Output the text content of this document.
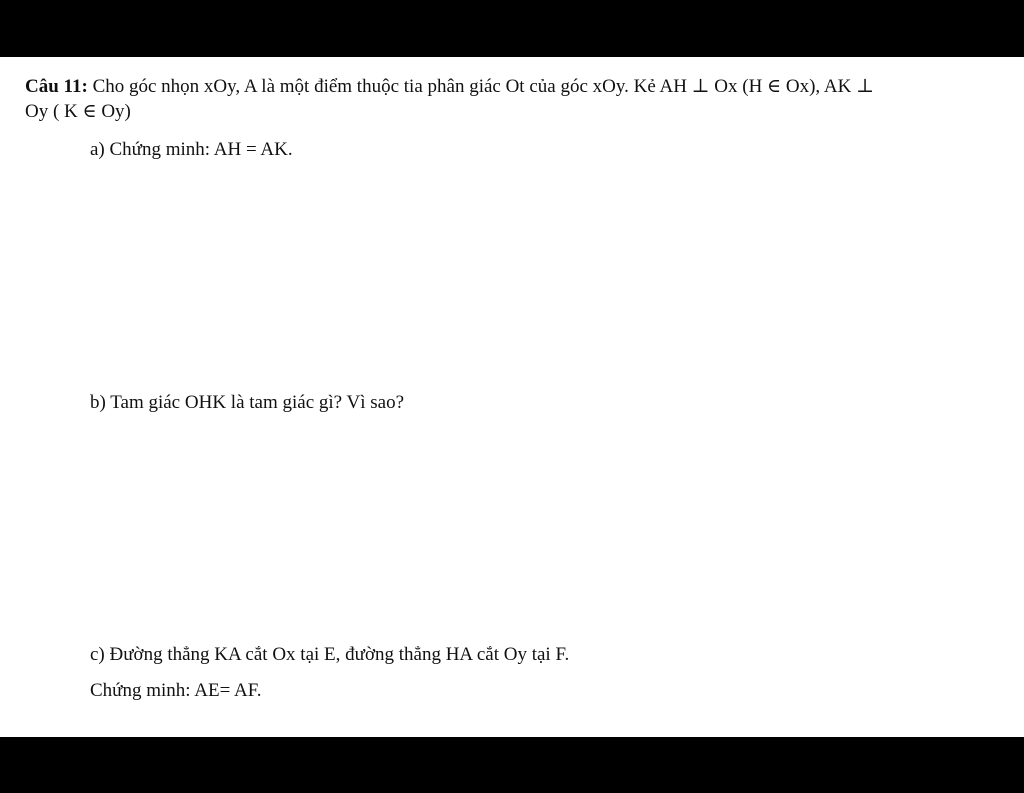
Câu 11: Cho góc nhọn xOy, A là một điểm thuộc tia phân giác Ot của góc xOy. Kẻ AH ⊥ Ox (H ∈ Ox), AK ⊥
Oy ( K ∈ Oy)
a) Chứng minh: AH = AK.
b) Tam giác OHK là tam giác gì? Vì sao?
c) Đường thẳng KA cắt Ox tại E, đường thẳng HA cắt Oy tại F.
Chứng minh: AE= AF.
